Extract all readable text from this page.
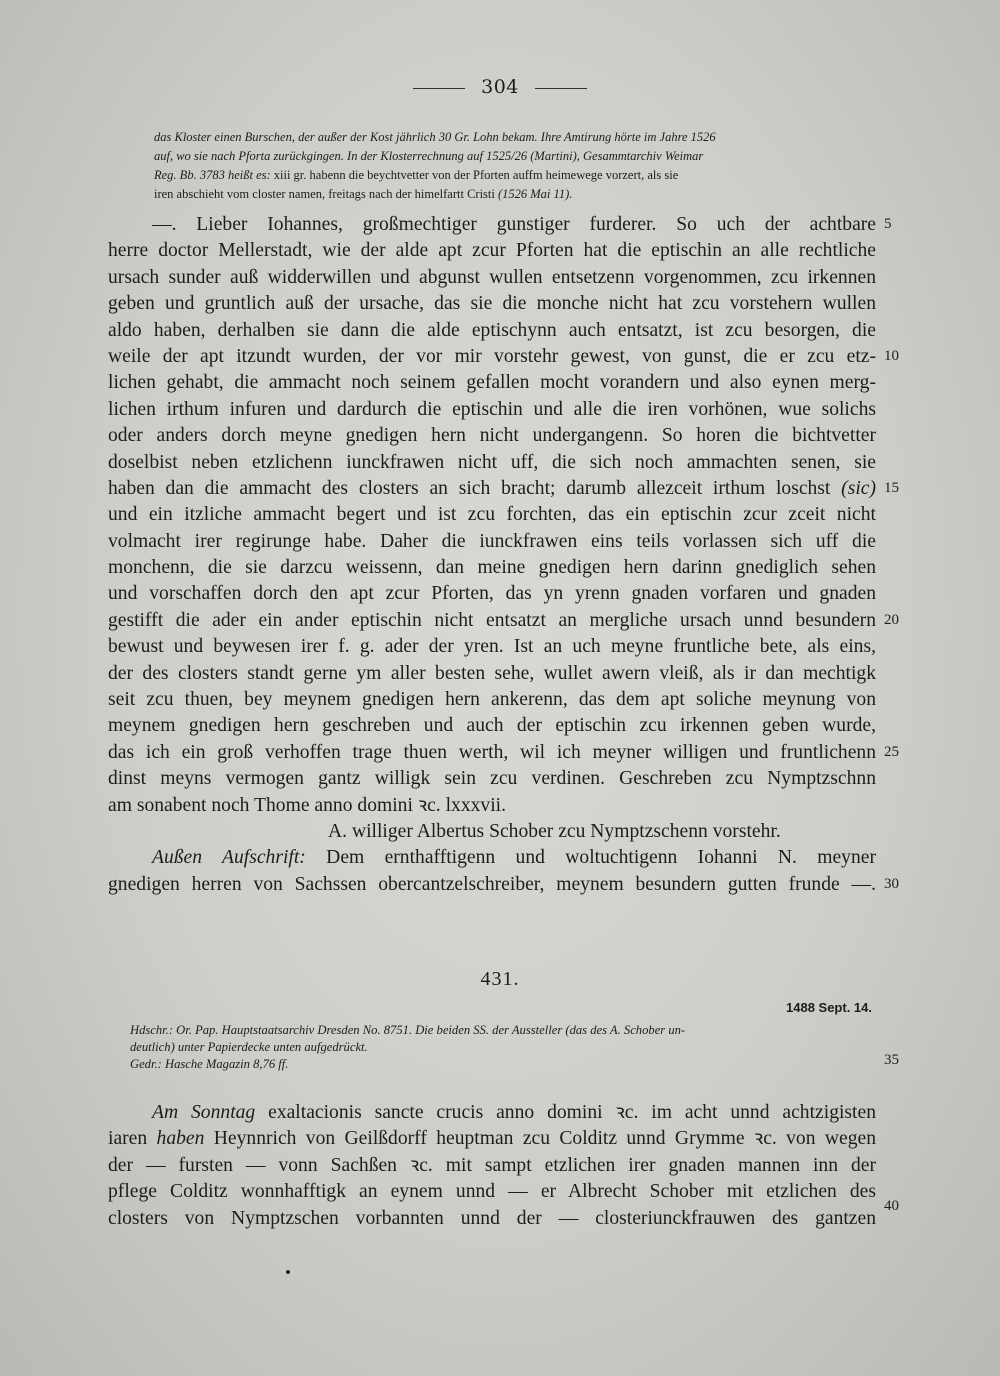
304

das Kloster einen Burschen, der außer der Kost jährlich 30 Gr. Lohn bekam. Ihre Amtirung hörte im Jahre 1526

auf, wo sie nach Pforta zurückgingen. In der Klosterrechnung auf 1525/26 (Martini), Gesammtarchiv Weimar

Reg. Bb. 3783 heißt es: xiii gr. habenn die beychtvetter von der Pforten auffm heimewege vorzert, als sie

iren abschieht vom closter namen, freitags nach der himelfartt Cristi (1526 Mai 11).

—. Lieber Iohannes, großmechtiger gunstiger furderer. So uch der achtbare
herre doctor Mellerstadt, wie der alde apt zcur Pforten hat die eptischin an alle rechtliche
ursach sunder auß widderwillen und abgunst wullen entsetzenn vorgenommen, zcu irkennen
geben und gruntlich auß der ursache, das sie die monche nicht hat zcu vorstehern wullen
aldo haben, derhalben sie dann die alde eptischynn auch entsatzt, ist zcu besorgen, die
weile der apt itzundt wurden, der vor mir vorstehr gewest, von gunst, die er zcu etz-
lichen gehabt, die ammacht noch seinem gefallen mocht vorandern und also eynen merg-
lichen irthum infuren und dardurch die eptischin und alle die iren vorhönen, wue solichs
oder anders dorch meyne gnedigen hern nicht undergangenn. So horen die bichtvetter
doselbist neben etzlichenn iunckfrawen nicht uff, die sich noch ammachten senen, sie
haben dan die ammacht des closters an sich bracht; darumb allezceit irthum loschst (sic)
und ein itzliche ammacht begert und ist zcu forchten, das ein eptischin zcur zceit nicht
volmacht irer regirunge habe. Daher die iunckfrawen eins teils vorlassen sich uff die
monchenn, die sie darzcu weissenn, dan meine gnedigen hern darinn gnediglich sehen
und vorschaffen dorch den apt zcur Pforten, das yn yrenn gnaden vorfaren und gnaden
gestifft die ader ein ander eptischin nicht entsatzt an mergliche ursach unnd besundern
bewust und beywesen irer f. g. ader der yren. Ist an uch meyne fruntliche bete, als eins,
der des closters standt gerne ym aller besten sehe, wullet awern vleiß, als ir dan mechtigk
seit zcu thuen, bey meynem gnedigen hern ankerenn, das dem apt soliche meynung von
meynem gnedigen hern geschreben und auch der eptischin zcu irkennen geben wurde,
das ich ein groß verhoffen trage thuen werth, wil ich meyner willigen und fruntlichenn
dinst meyns vermogen gantz willigk sein zcu verdinen. Geschreben zcu Nymptzschnn
am sonabent noch Thome anno domini ꝛc. lxxxvii.
A. williger Albertus Schober zcu Nymptzschenn vorstehr.
Außen Aufschrift: Dem ernthafftigenn und woltuchtigenn Iohanni N. meyner
gnedigen herren von Sachssen obercantzelschreiber, meynem besundern gutten frunde —.
5
10
15
20
25
30
35
40
431.
1488 Sept. 14.
Hdschr.: Or. Pap. Hauptstaatsarchiv Dresden No. 8751. Die beiden SS. der Aussteller (das des A. Schober un-
deutlich) unter Papierdecke unten aufgedrückt.
Gedr.: Hasche Magazin 8,76 ff.
Am Sonntag exaltacionis sancte crucis anno domini ꝛc. im acht unnd achtzigisten
iaren haben Heynnrich von Geilßdorff heuptman zcu Colditz unnd Grymme ꝛc. von wegen
der — fursten — vonn Sachßen ꝛc. mit sampt etzlichen irer gnaden mannen inn der
pflege Colditz wonnhafftigk an eynem unnd — er Albrecht Schober mit etzlichen des
closters von Nymptzschen vorbannten unnd der — closteriunckfrauwen des gantzen
